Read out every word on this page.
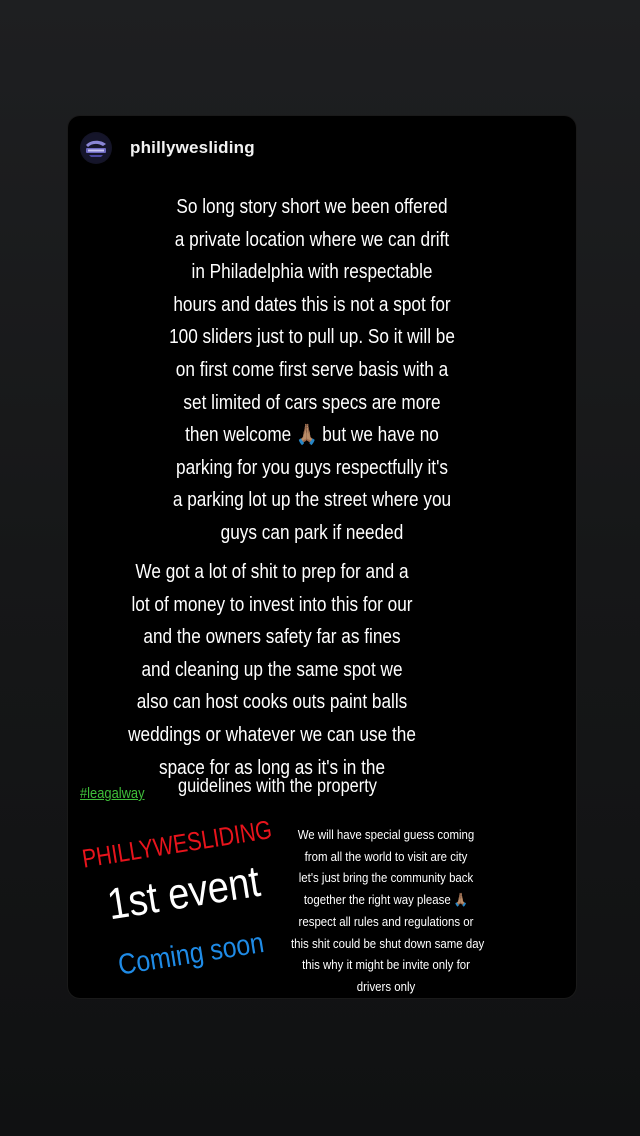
phillywesliding
So long story short we been offered
a private location where we can drift
in Philadelphia with respectable
hours and dates this is not a spot for
100 sliders just to pull up. So it will be
on first come first serve basis with a
set limited of cars specs are more
then welcome 🙏🏽 but we have no
parking for you guys respectfully it's
a parking lot up the street where you
guys can park if needed
We got a lot of shit to prep for and a
lot of money to invest into this for our
and the owners safety far as fines
and cleaning up the same spot we
also can host cooks outs paint balls
weddings or whatever we can use the
space for as long as it's in the
#leagalway guidelines with the property
PHILLYWESLIDING
1st event
Coming soon
We will have special guess coming
from all the world to visit are city
let's just bring the community back
together the right way please 🙏🏽
respect all rules and regulations or
this shit could be shut down same day
this why it might be invite only for
drivers only
